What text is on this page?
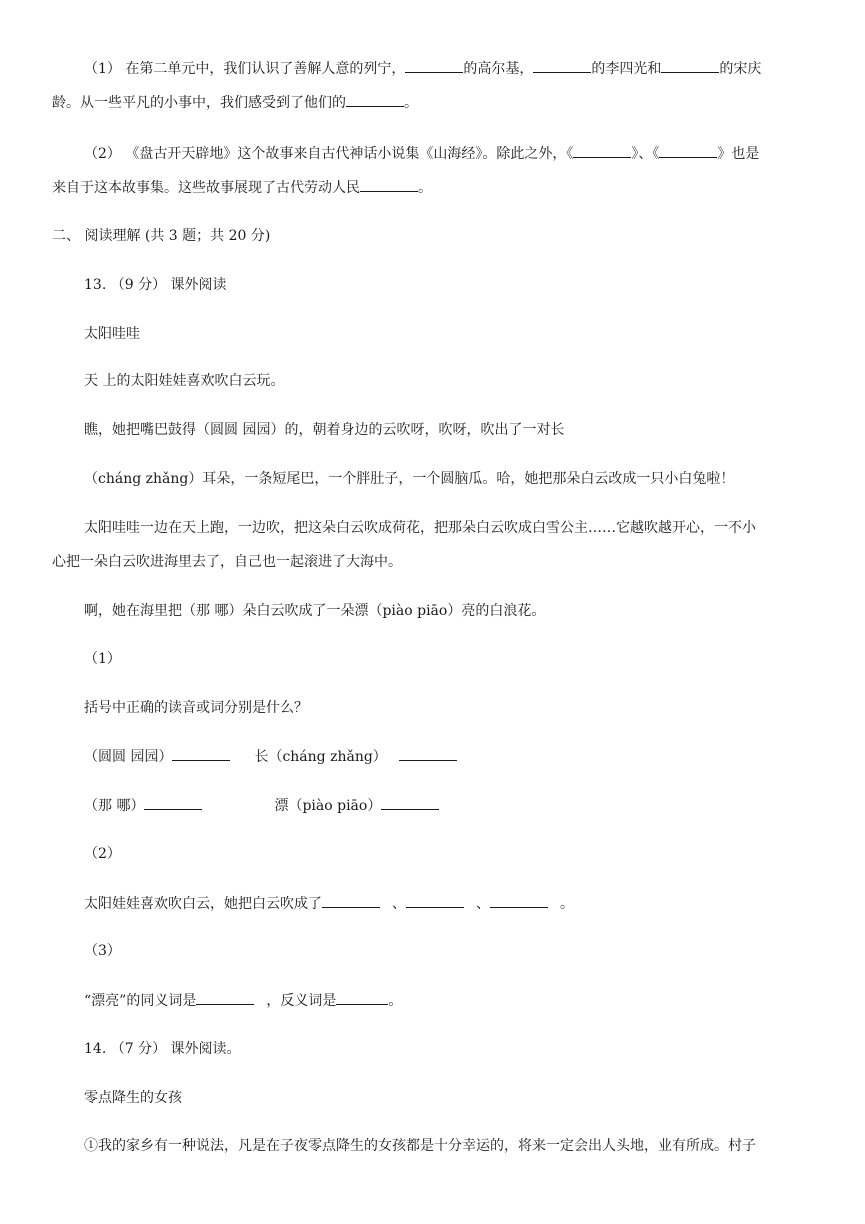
（1） 在第二单元中，我们认识了善解人意的列宁，	的高尔基，	的李四光和	的宋庆

龄。从一些平凡的小事中，我们感受到了他们的	。

（2） 《盘古开天辟地》这个故事来自古代神话小说集《山海经》。除此之外，《	》、《	》也是

来自于这本故事集。这些故事展现了古代劳动人民	。

二、 阅读理解 (共 3 题；共 20 分)

13. （9 分） 课外阅读

太阳哇哇

天 上的太阳娃娃喜欢吹白云玩。

瞧，她把嘴巴鼓得（圆圆 园园）的，朝着身边的云吹呀，吹呀，吹出了一对长

（cháng zhǎng）耳朵，一条短尾巴，一个胖肚子，一个圆脑瓜。哈，她把那朵白云改成一只小白兔啦！

太阳哇哇一边在天上跑，一边吹，把这朵白云吹成荷花，把那朵白云吹成白雪公主……它越吹越开心，一不小

心把一朵白云吹进海里去了，自己也一起滚进了大海中。

啊，她在海里把（那 哪）朵白云吹成了一朵漂（piào piāo）亮的白浪花。

（1）

括号中正确的读音或词分别是什么？

（圆圆 园园）	长（cháng zhǎng）

（那 哪）	漂（piào piāo）

（2）

太阳娃娃喜欢吹白云，她把白云吹成了	、	、	。

（3）

“漂亮”的同义词是	，反义词是	。

14. （7 分） 课外阅读。

零点降生的女孩

①我的家乡有一种说法，凡是在子夜零点降生的女孩都是十分幸运的，将来一定会出人头地，业有所成。村子
